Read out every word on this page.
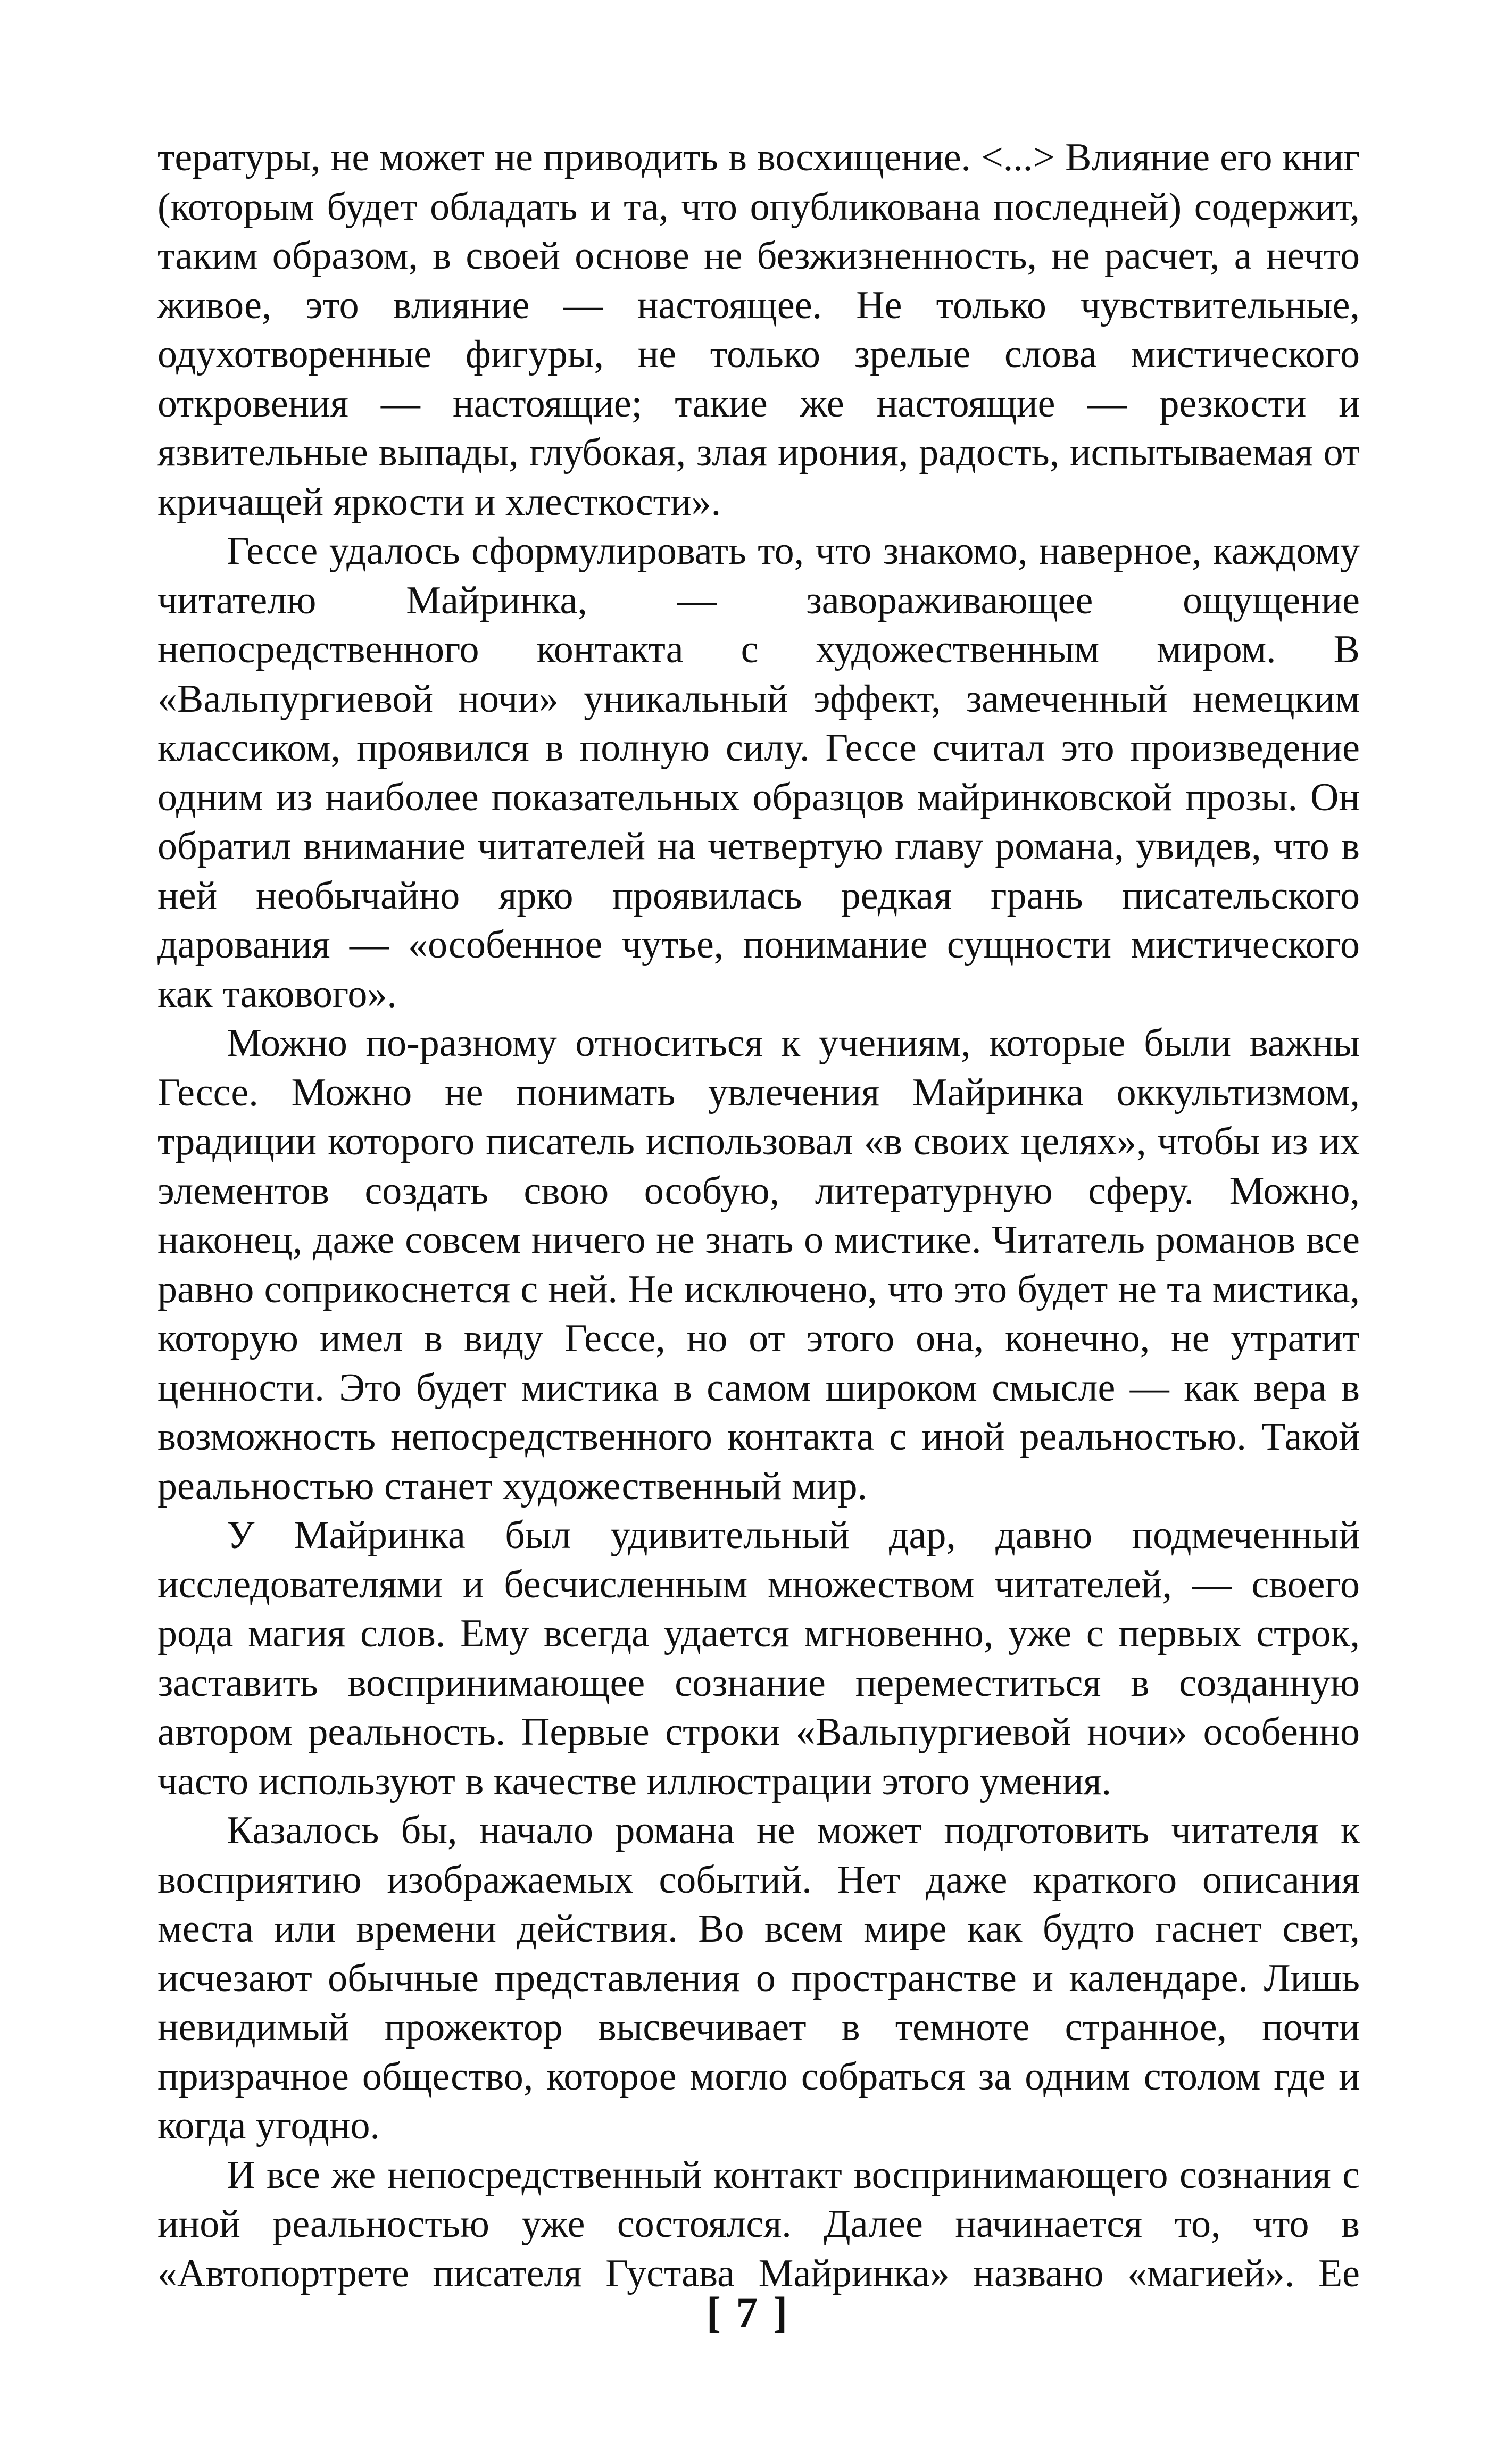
тературы, не может не приводить в восхищение. <...> Влияние его книг (которым будет обладать и та, что опубликована последней) содержит, таким образом, в своей основе не безжизненность, не расчет, а нечто живое, это влияние — настоящее. Не только чувствительные, одухотворенные фигуры, не только зрелые слова мистического откровения — настоящие; такие же настоящие — резкости и язвительные выпады, глубокая, злая ирония, радость, испытываемая от кричащей яркости и хлесткости».

Гессе удалось сформулировать то, что знакомо, наверное, каждому читателю Майринка, — завораживающее ощущение непосредственного контакта с художественным миром. В «Вальпургиевой ночи» уникальный эффект, замеченный немецким классиком, проявился в полную силу. Гессе считал это произведение одним из наиболее показательных образцов майринковской прозы. Он обратил внимание читателей на четвертую главу романа, увидев, что в ней необычайно ярко проявилась редкая грань писательского дарования — «особенное чутье, понимание сущности мистического как такового».

Можно по-разному относиться к учениям, которые были важны Гессе. Можно не понимать увлечения Майринка оккультизмом, традиции которого писатель использовал «в своих целях», чтобы из их элементов создать свою особую, литературную сферу. Можно, наконец, даже совсем ничего не знать о мистике. Читатель романов все равно соприкоснется с ней. Не исключено, что это будет не та мистика, которую имел в виду Гессе, но от этого она, конечно, не утратит ценности. Это будет мистика в самом широком смысле — как вера в возможность непосредственного контакта с иной реальностью. Такой реальностью станет художественный мир.

У Майринка был удивительный дар, давно подмеченный исследователями и бесчисленным множеством читателей, — своего рода магия слов. Ему всегда удается мгновенно, уже с первых строк, заставить воспринимающее сознание переместиться в созданную автором реальность. Первые строки «Вальпургиевой ночи» особенно часто используют в качестве иллюстрации этого умения.

Казалось бы, начало романа не может подготовить читателя к восприятию изображаемых событий. Нет даже краткого описания места или времени действия. Во всем мире как будто гаснет свет, исчезают обычные представления о пространстве и календаре. Лишь невидимый прожектор высвечивает в темноте странное, почти призрачное общество, которое могло собраться за одним столом где и когда угодно.

И все же непосредственный контакт воспринимающего сознания с иной реальностью уже состоялся. Далее начинается то, что в «Автопортрете писателя Густава Майринка» названо «магией». Ее

[ 7 ]
